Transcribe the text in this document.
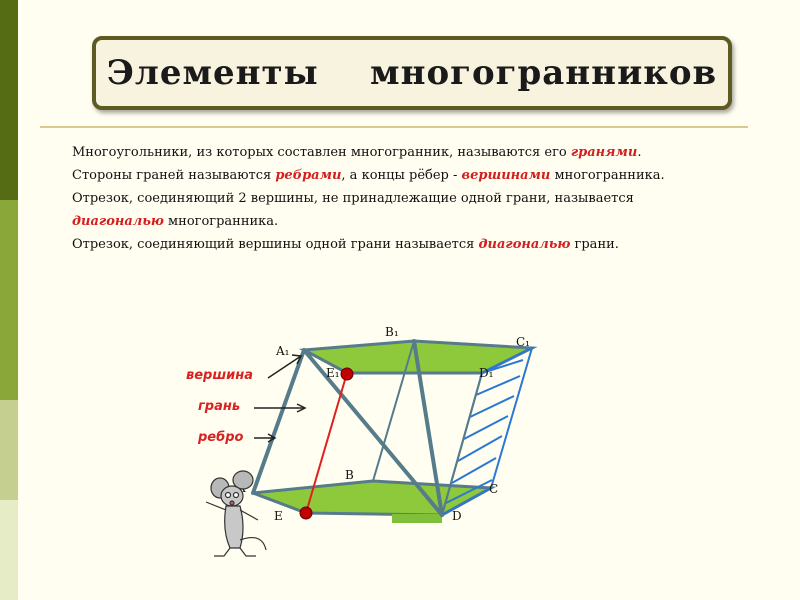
Элементы    многогранников
Многоугольники, из которых составлен многогранник, называются его гранями.
Стороны граней называются ребрами, а концы рёбер - вершинами многогранника.
Отрезок, соединяющий 2 вершины, не принадлежащие одной грани, называется
диагональю многогранника.
Отрезок, соединяющий вершины одной грани называется диагональю грани.
вершина
грань
ребро
A₁
B₁
C₁
D₁
E₁
B
C
D
E
